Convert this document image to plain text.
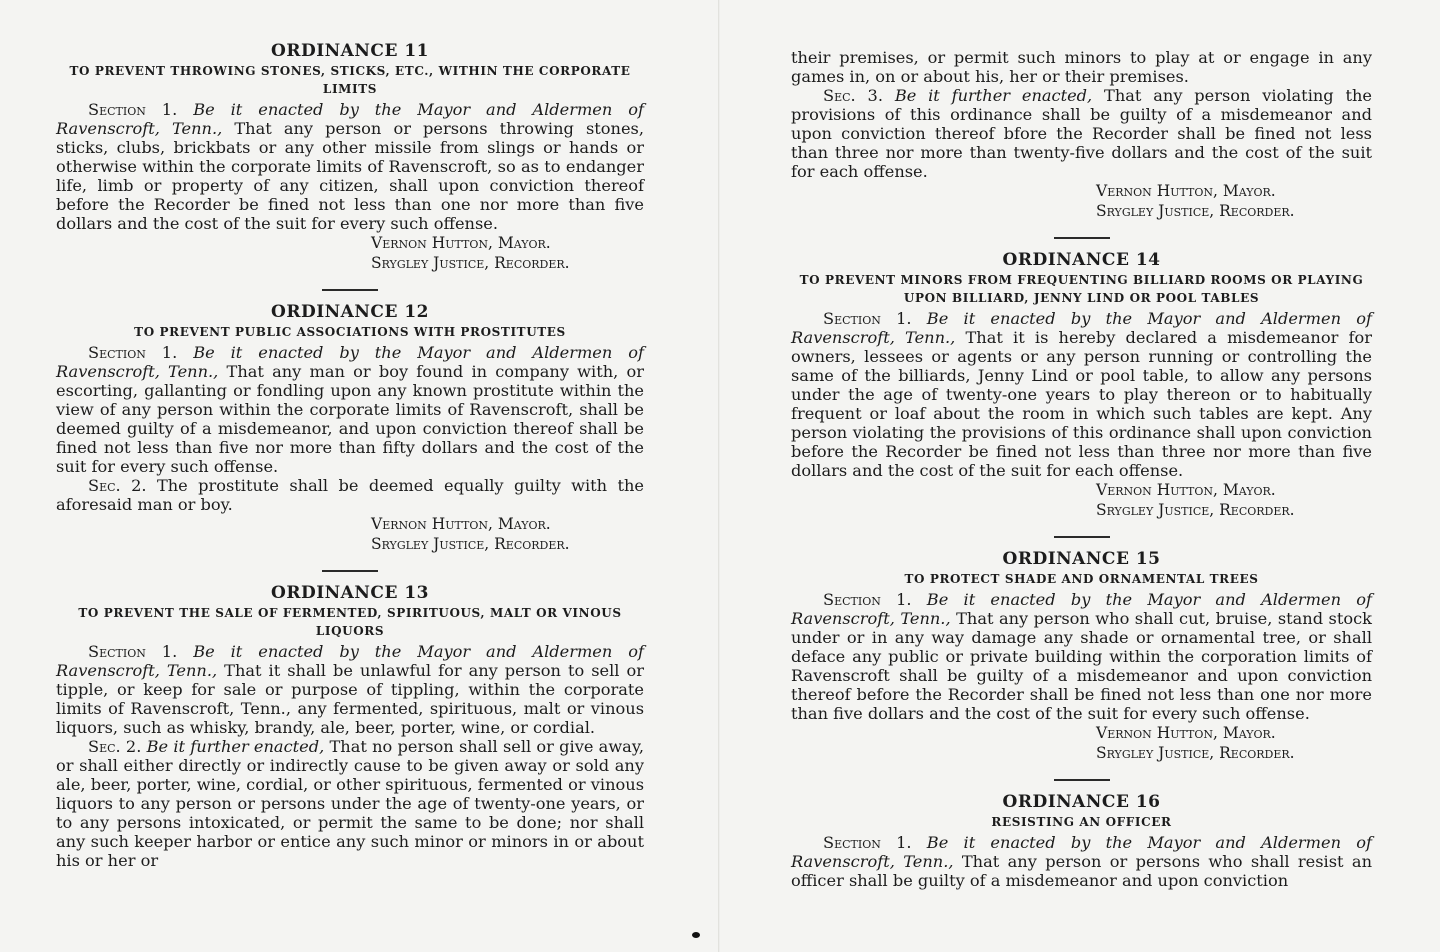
ORDINANCE 11

TO PREVENT THROWING STONES, STICKS, ETC., WITHIN THE CORPORATE LIMITS

Section 1. Be it enacted by the Mayor and Aldermen of Ravenscroft, Tenn., That any person or persons throwing stones, sticks, clubs, brickbats or any other missile from slings or hands or otherwise within the corporate limits of Ravenscroft, so as to endanger life, limb or property of any citizen, shall upon conviction thereof before the Recorder be fined not less than one nor more than five dollars and the cost of the suit for every such offense.

Vernon Hutton, Mayor.
Srygley Justice, Recorder.
ORDINANCE 12

TO PREVENT PUBLIC ASSOCIATIONS WITH PROSTITUTES

Section 1. Be it enacted by the Mayor and Aldermen of Ravenscroft, Tenn., That any man or boy found in company with, or escorting, gallanting or fondling upon any known prostitute within the view of any person within the corporate limits of Ravenscroft, shall be deemed guilty of a misdemeanor, and upon conviction thereof shall be fined not less than five nor more than fifty dollars and the cost of the suit for every such offense.

Sec. 2. The prostitute shall be deemed equally guilty with the aforesaid man or boy.

Vernon Hutton, Mayor.
Srygley Justice, Recorder.
ORDINANCE 13

TO PREVENT THE SALE OF FERMENTED, SPIRITUOUS, MALT OR VINOUS LIQUORS

Section 1. Be it enacted by the Mayor and Aldermen of Ravenscroft, Tenn., That it shall be unlawful for any person to sell or tipple, or keep for sale or purpose of tippling, within the corporate limits of Ravenscroft, Tenn., any fermented, spirituous, malt or vinous liquors, such as whisky, brandy, ale, beer, porter, wine, or cordial.

Sec. 2. Be it further enacted, That no person shall sell or give away, or shall either directly or indirectly cause to be given away or sold any ale, beer, porter, wine, cordial, or other spirituous, fermented or vinous liquors to any person or persons under the age of twenty-one years, or to any persons intoxicated, or permit the same to be done; nor shall any such keeper harbor or entice any such minor or minors in or about his or her or

their premises, or permit such minors to play at or engage in any games in, on or about his, her or their premises.

Sec. 3. Be it further enacted, That any person violating the provisions of this ordinance shall be guilty of a misdemeanor and upon conviction thereof bfore the Recorder shall be fined not less than three nor more than twenty-five dollars and the cost of the suit for each offense.

Vernon Hutton, Mayor.
Srygley Justice, Recorder.
ORDINANCE 14

TO PREVENT MINORS FROM FREQUENTING BILLIARD ROOMS OR PLAYING UPON BILLIARD, JENNY LIND OR POOL TABLES

Section 1. Be it enacted by the Mayor and Aldermen of Ravenscroft, Tenn., That it is hereby declared a misdemeanor for owners, lessees or agents or any person running or controlling the same of the billiards, Jenny Lind or pool table, to allow any persons under the age of twenty-one years to play thereon or to habitually frequent or loaf about the room in which such tables are kept. Any person violating the provisions of this ordinance shall upon conviction before the Recorder be fined not less than three nor more than five dollars and the cost of the suit for each offense.

Vernon Hutton, Mayor.
Srygley Justice, Recorder.
ORDINANCE 15

TO PROTECT SHADE AND ORNAMENTAL TREES

Section 1. Be it enacted by the Mayor and Aldermen of Ravenscroft, Tenn., That any person who shall cut, bruise, stand stock under or in any way damage any shade or ornamental tree, or shall deface any public or private building within the corporation limits of Ravenscroft shall be guilty of a misdemeanor and upon conviction thereof before the Recorder shall be fined not less than one nor more than five dollars and the cost of the suit for every such offense.

Vernon Hutton, Mayor.
Srygley Justice, Recorder.
ORDINANCE 16

RESISTING AN OFFICER

Section 1. Be it enacted by the Mayor and Aldermen of Ravenscroft, Tenn., That any person or persons who shall resist an officer shall be guilty of a misdemeanor and upon conviction
